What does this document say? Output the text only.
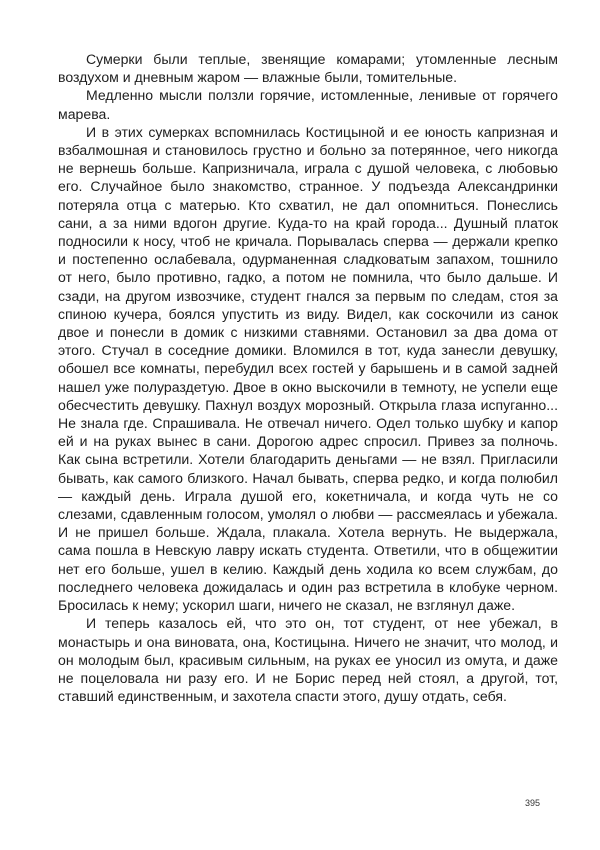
Сумерки были теплые, звенящие комарами; утомленные лесным воздухом и дневным жаром — влажные были, томительные.

Медленно мысли ползли горячие, истомленные, ленивые от горячего марева.

И в этих сумерках вспомнилась Костицыной и ее юность капризная и взбалмошная и становилось грустно и больно за потерянное, чего никогда не вернешь больше. Капризничала, играла с душой человека, с любовью его. Случайное было знакомство, странное. У подъезда Александринки потеряла отца с матерью. Кто схватил, не дал опомниться. Понеслись сани, а за ними вдогон другие. Куда-то на край города... Душный платок подносили к носу, чтоб не кричала. Порывалась сперва — держали крепко и постепенно ослабевала, одурманенная сладковатым запахом, тошнило от него, было противно, гадко, а потом не помнила, что было дальше. И сзади, на другом извозчике, студент гнался за первым по следам, стоя за спиною кучера, боялся упустить из виду. Видел, как соскочили из санок двое и понесли в домик с низкими ставнями. Остановил за два дома от этого. Стучал в соседние домики. Вломился в тот, куда занесли девушку, обошел все комнаты, перебудил всех гостей у барышень и в самой задней нашел уже полураздетую. Двое в окно выскочили в темноту, не успели еще обесчестить девушку. Пахнул воздух морозный. Открыла глаза испуганно... Не знала где. Спрашивала. Не отвечал ничего. Одел только шубку и капор ей и на руках вынес в сани. Дорогою адрес спросил. Привез за полночь. Как сына встретили. Хотели благодарить деньгами — не взял. Пригласили бывать, как самого близкого. Начал бывать, сперва редко, и когда полюбил — каждый день. Играла душой его, кокетничала, и когда чуть не со слезами, сдавленным голосом, умолял о любви — рассмеялась и убежала. И не пришел больше. Ждала, плакала. Хотела вернуть. Не выдержала, сама пошла в Невскую лавру искать студента. Ответили, что в общежитии нет его больше, ушел в келию. Каждый день ходила ко всем службам, до последнего человека дожидалась и один раз встретила в клобуке черном. Бросилась к нему; ускорил шаги, ничего не сказал, не взглянул даже.

И теперь казалось ей, что это он, тот студент, от нее убежал, в монастырь и она виновата, она, Костицына. Ничего не значит, что молод, и он молодым был, красивым сильным, на руках ее уносил из омута, и даже не поцеловала ни разу его. И не Борис перед ней стоял, а другой, тот, ставший единственным, и захотела спасти этого, душу отдать, себя.

395
